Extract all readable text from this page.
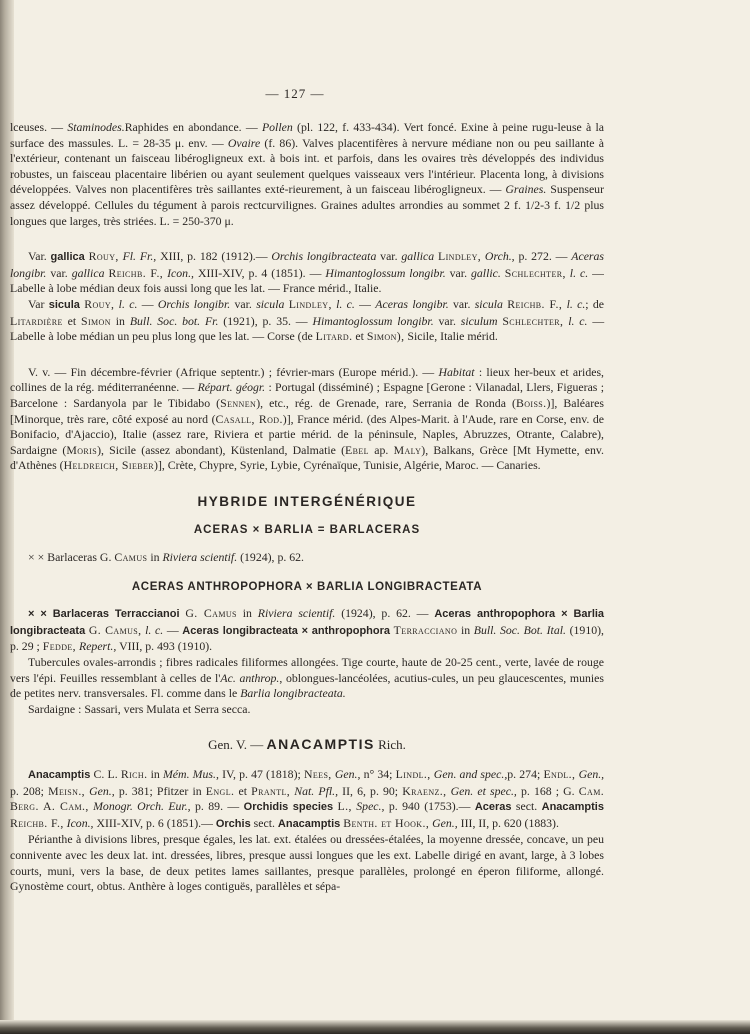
— 127 —

lceuses. — Staminodes.Raphides en abondance. — Pollen (pl. 122, f. 433-434). Vert foncé. Exine à peine rugu-leuse à la surface des massules. L. = 28-35 μ. env. — Ovaire (f. 86). Valves placentifères à nervure médiane non ou peu saillante à l'extérieur, contenant un faisceau libérogligneux ext. à bois int. et parfois, dans les ovaires très développés des individus robustes, un faisceau placentaire libérien ou ayant seulement quelques vaisseaux vers l'intérieur. Placenta long, à divisions développées. Valves non placentifères très saillantes exté-rieurement, à un faisceau libérogligneux. — Graines. Suspenseur assez développé. Cellules du tégument à parois rectcurvilignes. Graines adultes arrondies au sommet 2 f. 1/2-3 f. 1/2 plus longues que larges, très striées. L. = 250-370 μ.

Var. gallica Rouy, Fl. Fr., XIII, p. 182 (1912).— Orchis longibracteata var. gallica Lindley, Orch., p. 272. — Aceras longibr. var. gallica Reichb. F., Icon., XIII-XIV, p. 4 (1851). — Himantoglossum longibr. var. gallic. Schlechter, l. c. — Labelle à lobe médian deux fois aussi long que les lat. — France mérid., Italie.

Var sicula Rouy, l. c. — Orchis longibr. var. sicula Lindley, l. c. — Aceras longibr. var. sicula Reichb. F., l. c.; de Litardière et Simon in Bull. Soc. bot. Fr. (1921), p. 35. — Himantoglossum longibr. var. siculum Schlechter, l. c. — Labelle à lobe médian un peu plus long que les lat. — Corse (de Litard. et Simon), Sicile, Italie mérid.

V. v. — Fin décembre-février (Afrique septentr.) ; février-mars (Europe mérid.). — Habitat : lieux her-beux et arides, collines de la rég. méditerranéenne. — Répart. géogr. : Portugal (disséminé) ; Espagne [Gerone : Vilanadal, Llers, Figueras ; Barcelone : Sardanyola par le Tibidabo (Sennen), etc., rég. de Grenade, rare, Serrania de Ronda (Boiss.)], Baléares [Minorque, très rare, côté exposé au nord (Casall, Rod.)], France mérid. (des Alpes-Marit. à l'Aude, rare en Corse, env. de Bonifacio, d'Ajaccio), Italie (assez rare, Riviera et partie mérid. de la péninsule, Naples, Abruzzes, Otrante, Calabre), Sardaigne (Moris), Sicile (assez abondant), Küstenland, Dalmatie (Ebel ap. Maly), Balkans, Grèce [Mt Hymette, env. d'Athènes (Heldreich, Sieber)], Crète, Chypre, Syrie, Lybie, Cyrénaïque, Tunisie, Algérie, Maroc. — Canaries.

HYBRIDE INTERGÉNÉRIQUE
ACERAS × BARLIA = BARLACERAS

× × Barlaceras G. Camus in Riviera scientif. (1924), p. 62.

ACERAS ANTHROPOPHORA × BARLIA LONGIBRACTEATA

× × Barlaceras Terraccianoi G. Camus in Riviera scientif. (1924), p. 62. — Aceras anthropophora × Barlia longibracteata G. Camus, l. c. — Aceras longibracteata × anthropophora Terracciano in Bull. Soc. Bot. Ital. (1910), p. 29 ; Fedde, Repert., VIII, p. 493 (1910).

Tubercules ovales-arrondis ; fibres radicales filiformes allongées. Tige courte, haute de 20-25 cent., verte, lavée de rouge vers l'épi. Feuilles ressemblant à celles de l'Ac. anthrop., oblongues-lancéolées, acutius-cules, un peu glaucescentes, munies de petites nerv. transversales. Fl. comme dans le Barlia longibracteata.

Sardaigne : Sassari, vers Mulata et Serra secca.

Gen. V. — ANACAMPTIS Rich.

Anacamptis C. L. Rich. in Mém. Mus., IV, p. 47 (1818); Nees, Gen., n° 34; Lindl., Gen. and spec.,p. 274; Endl., Gen., p. 208; Meisn., Gen., p. 381; Pfitzer in Engl. et Prantl, Nat. Pfl., II, 6, p. 90; Kraenz., Gen. et spec., p. 168 ; G. Cam. Berg. A. Cam., Monogr. Orch. Eur., p. 89. — Orchidis species L., Spec., p. 940 (1753).— Aceras sect. Anacamptis Reichb. F., Icon., XIII-XIV, p. 6 (1851).— Orchis sect. Anacamptis Benth. et Hook., Gen., III, II, p. 620 (1883).

Périanthe à divisions libres, presque égales, les lat. ext. étalées ou dressées-étalées, la moyenne dressée, concave, un peu connivente avec les deux lat. int. dressées, libres, presque aussi longues que les ext. Labelle dirigé en avant, large, à 3 lobes courts, muni, vers la base, de deux petites lames saillantes, presque parallèles, prolongé en éperon filiforme, allongé. Gynostème court, obtus. Anthère à loges contiguës, parallèles et sépa-
